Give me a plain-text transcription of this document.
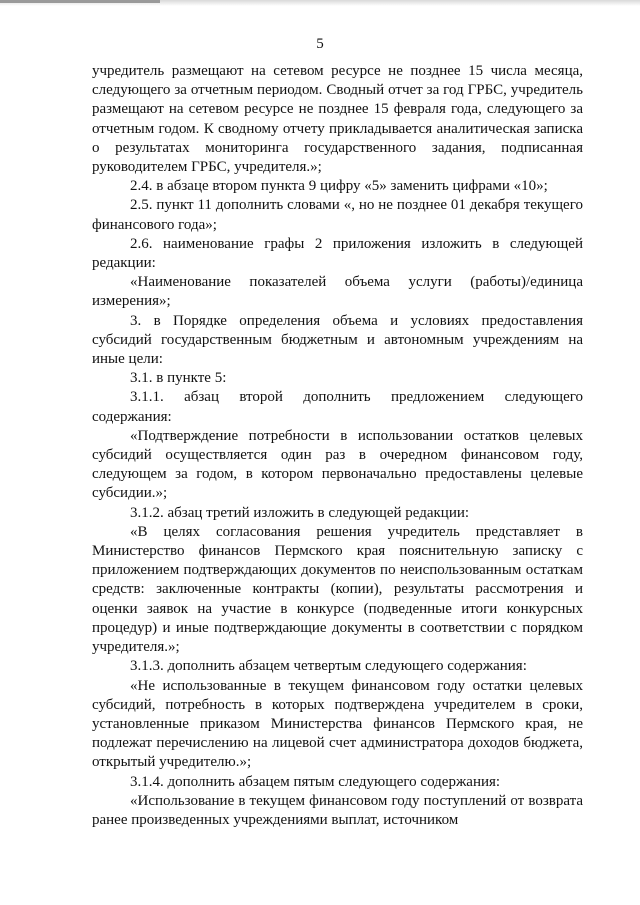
5

учредитель размещают на сетевом ресурсе не позднее 15 числа месяца, следующего за отчетным периодом. Сводный отчет за год ГРБС, учредитель размещают на сетевом ресурсе не позднее 15 февраля года, следующего за отчетным годом. К сводному отчету прикладывается аналитическая записка о результатах мониторинга государственного задания, подписанная руководителем ГРБС, учредителя.»;

2.4. в абзаце втором пункта 9 цифру «5» заменить цифрами «10»;

2.5. пункт 11 дополнить словами «, но не позднее 01 декабря текущего финансового года»;

2.6. наименование графы 2 приложения изложить в следующей редакции:

«Наименование показателей объема услуги (работы)/единица измерения»;

3. в Порядке определения объема и условиях предоставления субсидий государственным бюджетным и автономным учреждениям на иные цели:

3.1. в пункте 5:

3.1.1. абзац второй дополнить предложением следующего содержания:

«Подтверждение потребности в использовании остатков целевых субсидий осуществляется один раз в очередном финансовом году, следующем за годом, в котором первоначально предоставлены целевые субсидии.»;

3.1.2. абзац третий изложить в следующей редакции:

«В целях согласования решения учредитель представляет в Министерство финансов Пермского края пояснительную записку с приложением подтверждающих документов по неиспользованным остаткам средств: заключенные контракты (копии), результаты рассмотрения и оценки заявок на участие в конкурсе (подведенные итоги конкурсных процедур) и иные подтверждающие документы в соответствии с порядком учредителя.»;

3.1.3. дополнить абзацем четвертым следующего содержания:

«Не использованные в текущем финансовом году остатки целевых субсидий, потребность в которых подтверждена учредителем в сроки, установленные приказом Министерства финансов Пермского края, не подлежат перечислению на лицевой счет администратора доходов бюджета, открытый учредителю.»;

3.1.4. дополнить абзацем пятым следующего содержания:

«Использование в текущем финансовом году поступлений от возврата ранее произведенных учреждениями выплат, источником
